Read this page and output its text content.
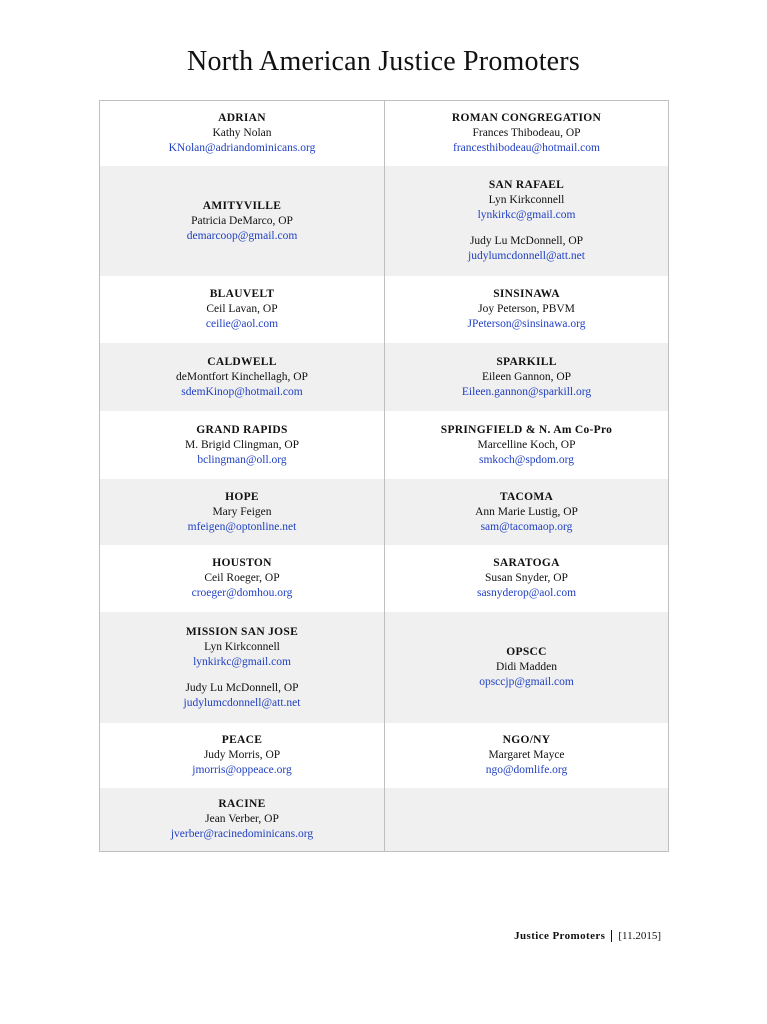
North American Justice Promoters
ADRIAN
Kathy Nolan
KNolan@adriandominicans.org
ROMAN CONGREGATION
Frances Thibodeau, OP
francesthibodeau@hotmail.com
AMITYVILLE
Patricia DeMarco, OP
demarcoop@gmail.com
SAN RAFAEL
Lyn Kirkconnell
lynkirkc@gmail.com
Judy Lu McDonnell, OP
judylumcdonnell@att.net
BLAUVELT
Ceil Lavan, OP
ceilie@aol.com
SINSINAWA
Joy Peterson, PBVM
JPeterson@sinsinawa.org
CALDWELL
deMontfort Kinchellagh, OP
sdemKinop@hotmail.com
SPARKILL
Eileen Gannon, OP
Eileen.gannon@sparkill.org
GRAND RAPIDS
M. Brigid Clingman, OP
bclingman@oll.org
SPRINGFIELD & N. Am Co-Pro
Marcelline Koch, OP
smkoch@spdom.org
HOPE
Mary Feigen
mfeigen@optonline.net
TACOMA
Ann Marie Lustig, OP
sam@tacomaop.org
HOUSTON
Ceil Roeger, OP
croeger@domhou.org
SARATOGA
Susan Snyder, OP
sasnyderop@aol.com
MISSION SAN JOSE
Lyn Kirkconnell
lynkirkc@gmail.com
Judy Lu McDonnell, OP
judylumcdonnell@att.net
OPSCC
Didi Madden
opsccjp@gmail.com
PEACE
Judy Morris, OP
jmorris@oppeace.org
NGO/NY
Margaret Mayce
ngo@domlife.org
RACINE
Jean Verber, OP
jverber@racinedominicans.org
Justice Promoters [11.2015]
